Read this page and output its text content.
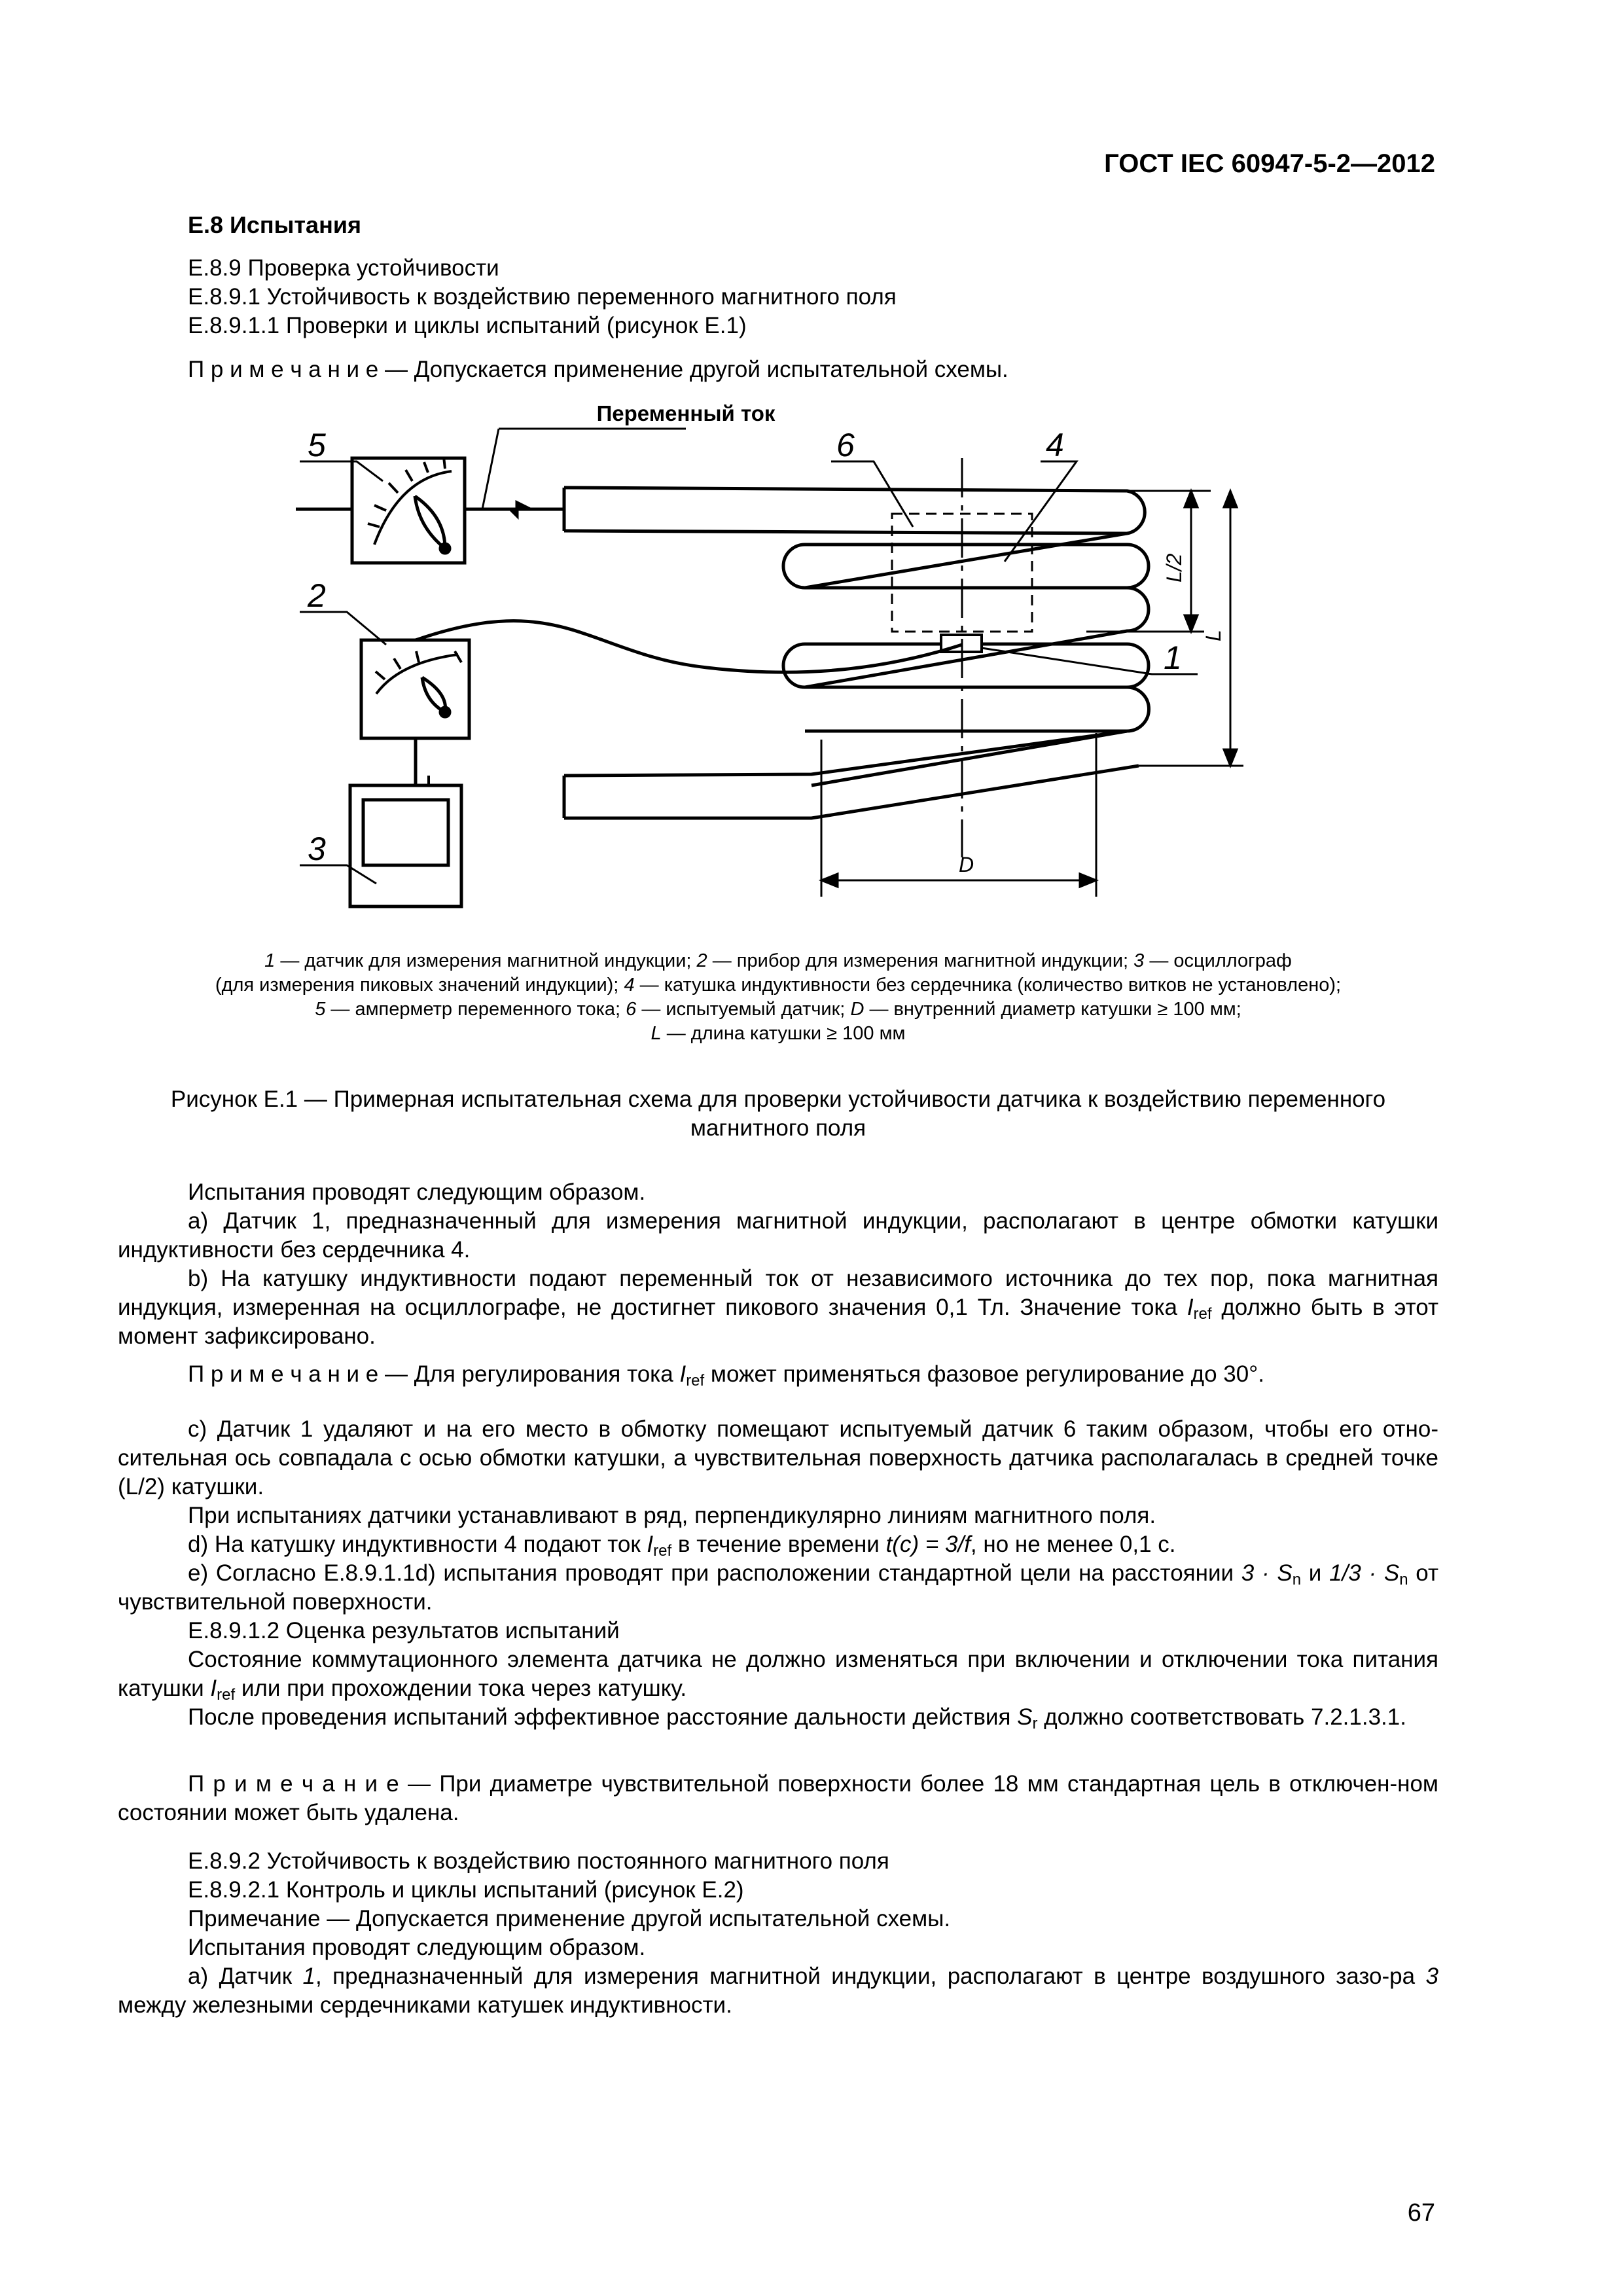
ГОСТ IEC 60947-5-2—2012
Е.8 Испытания
Е.8.9 Проверка устойчивости
Е.8.9.1 Устойчивость к воздействию переменного магнитного поля
Е.8.9.1.1 Проверки и циклы испытаний (рисунок Е.1)
П р и м е ч а н и е — Допускается применение другой испытательной схемы.
Переменный ток
5
2
3
6	4
1
L/2
L
D
1 — датчик для измерения магнитной индукции; 2 — прибор для измерения магнитной индукции; 3 — осциллограф
(для измерения пиковых значений индукции); 4 — катушка индуктивности без сердечника (количество витков не установлено);
5 — амперметр переменного тока; 6 — испытуемый датчик; D — внутренний диаметр катушки ≥ 100 мм;
L — длина катушки ≥ 100 мм
Рисунок Е.1 — Примерная испытательная схема для проверки устойчивости датчика к воздействию переменного
магнитного поля
Испытания проводят следующим образом.
а) Датчик 1, предназначенный для измерения магнитной индукции, располагают в центре обмотки катушки индуктивности без сердечника 4.
b) На катушку индуктивности подают переменный ток от независимого источника до тех пор, пока магнитная индукция, измеренная на осциллографе, не достигнет пикового значения 0,1 Тл. Значение тока $I_{ref}$ должно быть в этот момент зафиксировано.
П р и м е ч а н и е — Для регулирования тока $I_{ref}$ может применяться фазовое регулирование до 30°.
с) Датчик 1 удаляют и на его место в обмотку помещают испытуемый датчик 6 таким образом, чтобы его отно-сительная ось совпадала с осью обмотки катушки, а чувствительная поверхность датчика располагалась в средней точке (L/2) катушки.
При испытаниях датчики устанавливают в ряд, перпендикулярно линиям магнитного поля.
d) На катушку индуктивности 4 подают ток $I_{ref}$ в течение времени t(c) = 3/f, но не менее 0,1 с.
е) Согласно Е.8.9.1.1d) испытания проводят при расположении стандартной цели на расстоянии $3 \cdot S_n$ и $1/3 \cdot S_n$ от чувствительной поверхности.
Е.8.9.1.2 Оценка результатов испытаний
Состояние коммутационного элемента датчика не должно изменяться при включении и отключении тока питания катушки $I_{ref}$ или при прохождении тока через катушку.
После проведения испытаний эффективное расстояние дальности действия $S_r$ должно соответствовать 7.2.1.3.1.
П р и м е ч а н и е — При диаметре чувствительной поверхности более 18 мм стандартная цель в отключен-ном состоянии может быть удалена.
Е.8.9.2 Устойчивость к воздействию постоянного магнитного поля
Е.8.9.2.1 Контроль и циклы испытаний (рисунок Е.2)
Примечание — Допускается применение другой испытательной схемы.
Испытания проводят следующим образом.
а) Датчик 1, предназначенный для измерения магнитной индукции, располагают в центре воздушного зазо-ра 3 между железными сердечниками катушек индуктивности.
67
